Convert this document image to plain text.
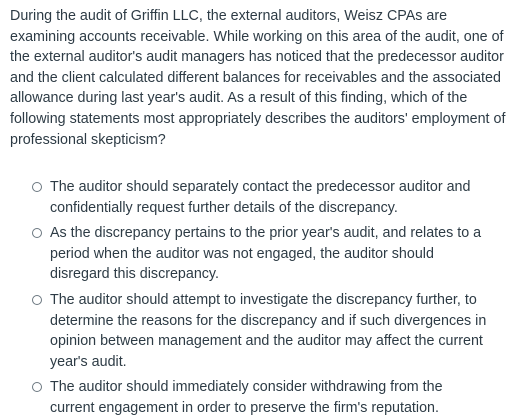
During the audit of Griffin LLC, the external auditors, Weisz CPAs are examining accounts receivable. While working on this area of the audit, one of the external auditor's audit managers has noticed that the predecessor auditor and the client calculated different balances for receivables and the associated allowance during last year's audit. As a result of this finding, which of the following statements most appropriately describes the auditors' employment of professional skepticism?

The auditor should separately contact the predecessor auditor and confidentially request further details of the discrepancy.
As the discrepancy pertains to the prior year's audit, and relates to a period when the auditor was not engaged, the auditor should disregard this discrepancy.
The auditor should attempt to investigate the discrepancy further, to determine the reasons for the discrepancy and if such divergences in opinion between management and the auditor may affect the current year's audit.
The auditor should immediately consider withdrawing from the current engagement in order to preserve the firm's reputation.
